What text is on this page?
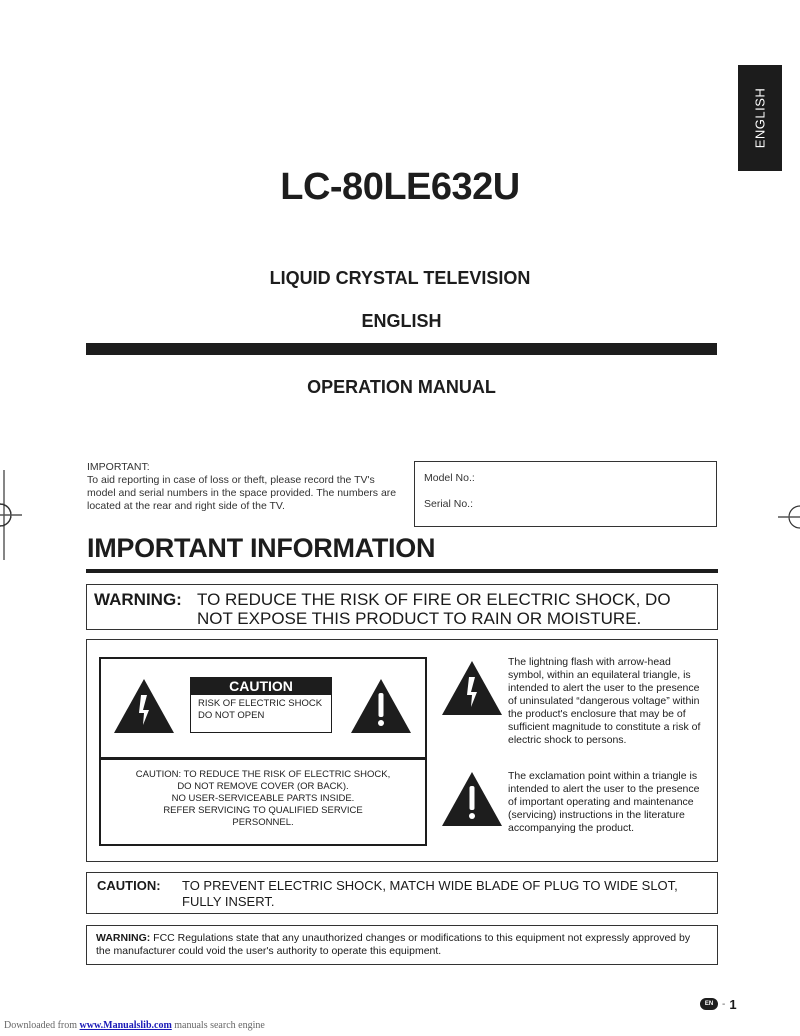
ENGLISH
LC-80LE632U
LIQUID CRYSTAL TELEVISION
ENGLISH
OPERATION MANUAL
IMPORTANT:
To aid reporting in case of loss or theft, please record the TV's model and serial numbers in the space provided. The numbers are located at the rear and right side of the TV.
Model No.:
Serial No.:
IMPORTANT INFORMATION
WARNING: TO REDUCE THE RISK OF FIRE OR ELECTRIC SHOCK, DO NOT EXPOSE THIS PRODUCT TO RAIN OR MOISTURE.
CAUTION
RISK OF ELECTRIC SHOCK
DO NOT OPEN
CAUTION: TO REDUCE THE RISK OF ELECTRIC SHOCK,
DO NOT REMOVE COVER (OR BACK).
NO USER-SERVICEABLE PARTS INSIDE.
REFER SERVICING TO QUALIFIED SERVICE
PERSONNEL.
The lightning flash with arrow-head symbol, within an equilateral triangle, is intended to alert the user to the presence of uninsulated “dangerous voltage” within the product's enclosure that may be of sufficient magnitude to constitute a risk of electric shock to persons.
The exclamation point within a triangle is intended to alert the user to the presence of important operating and maintenance (servicing) instructions in the literature accompanying the product.
CAUTION: TO PREVENT ELECTRIC SHOCK, MATCH WIDE BLADE OF PLUG TO WIDE SLOT, FULLY INSERT.
WARNING: FCC Regulations state that any unauthorized changes or modifications to this equipment not expressly approved by the manufacturer could void the user's authority to operate this equipment.
EN - 1
Downloaded from www.Manualslib.com manuals search engine
